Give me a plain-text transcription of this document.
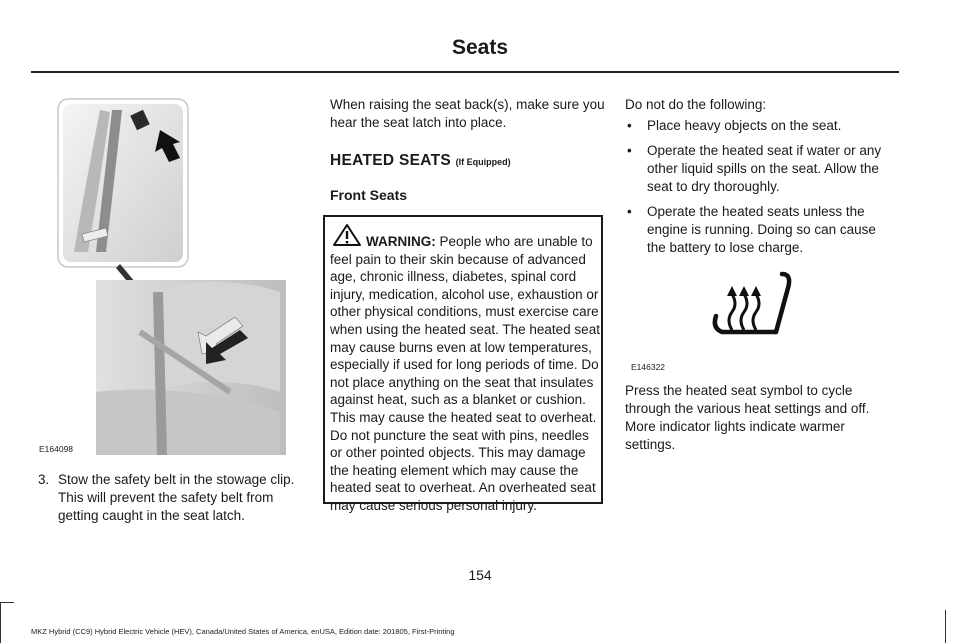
Seats
E164098
3. Stow the safety belt in the stowage clip. This will prevent the safety belt from getting caught in the seat latch.
When raising the seat back(s), make sure you hear the seat latch into place.
HEATED SEATS (If Equipped)
Front Seats
WARNING: People who are unable to feel pain to their skin because of advanced age, chronic illness, diabetes, spinal cord injury, medication, alcohol use, exhaustion or other physical conditions, must exercise care when using the heated seat. The heated seat may cause burns even at low temperatures, especially if used for long periods of time. Do not place anything on the seat that insulates against heat, such as a blanket or cushion. This may cause the heated seat to overheat. Do not puncture the seat with pins, needles or other pointed objects. This may damage the heating element which may cause the heated seat to overheat. An overheated seat may cause serious personal injury.
Do not do the following:
• Place heavy objects on the seat.
• Operate the heated seat if water or any other liquid spills on the seat. Allow the seat to dry thoroughly.
• Operate the heated seats unless the engine is running. Doing so can cause the battery to lose charge.
E146322
Press the heated seat symbol to cycle through the various heat settings and off. More indicator lights indicate warmer settings.
154
MKZ Hybrid (CC9) Hybrid Electric Vehicle (HEV), Canada/United States of America, enUSA, Edition date: 201805, First-Printing
